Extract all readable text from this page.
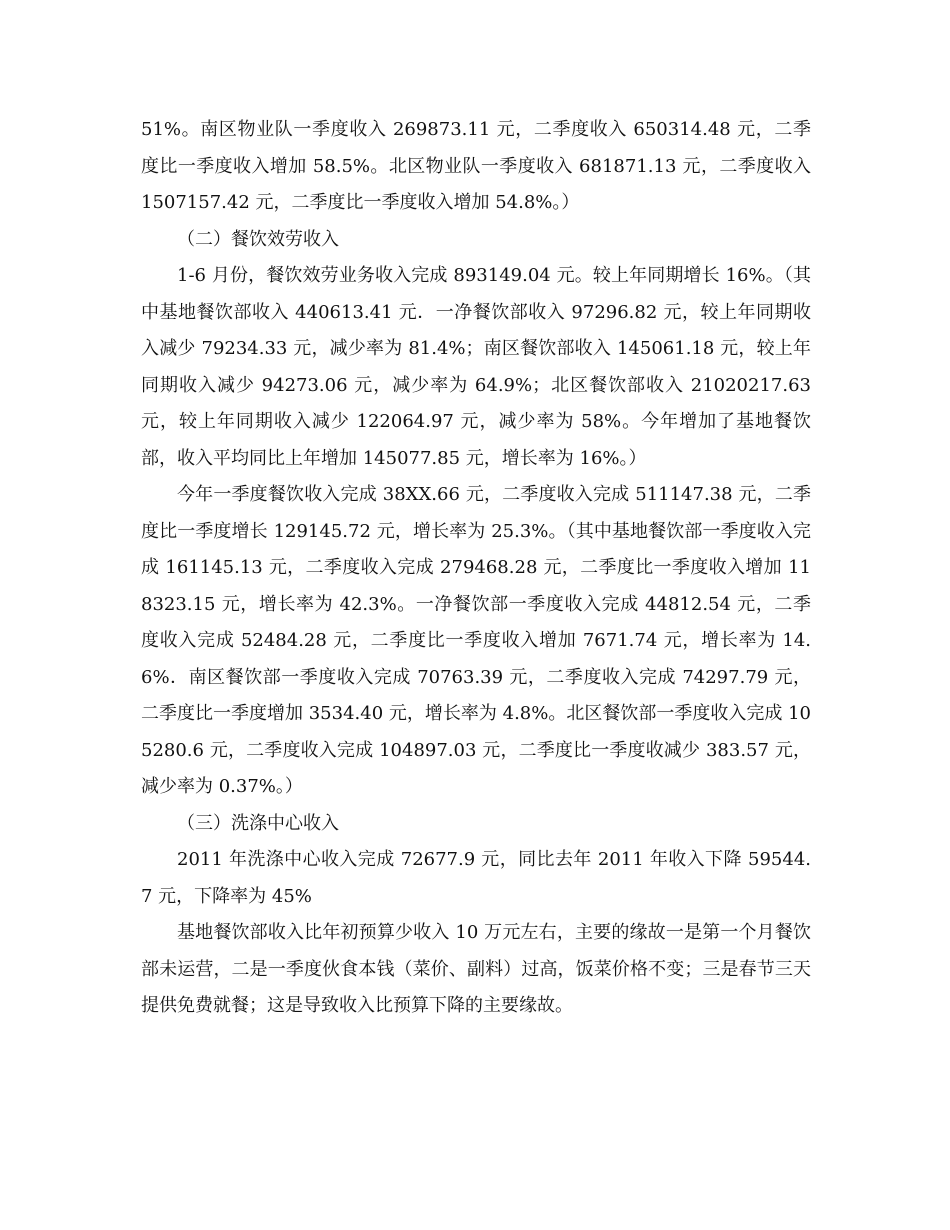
51%。南区物业队一季度收入 269873.11 元，二季度收入 650314.48 元，二季度比一季度收入增加 58.5%。北区物业队一季度收入 681871.13 元，二季度收入 1507157.42 元，二季度比一季度收入增加 54.8%。）

（二）餐饮效劳收入

1-6 月份，餐饮效劳业务收入完成 893149.04 元。较上年同期增长 16%。（其中基地餐饮部收入 440613.41 元．一净餐饮部收入 97296.82 元，较上年同期收入减少 79234.33 元，减少率为 81.4%；南区餐饮部收入 145061.18 元，较上年同期收入减少 94273.06 元，减少率为 64.9%；北区餐饮部收入 21020217.63 元，较上年同期收入减少 122064.97 元，减少率为 58%。今年增加了基地餐饮部，收入平均同比上年增加 145077.85 元，增长率为 16%。）

今年一季度餐饮收入完成 38XX.66 元，二季度收入完成 511147.38 元，二季度比一季度增长 129145.72 元，增长率为 25.3%。（其中基地餐饮部一季度收入完成 161145.13 元，二季度收入完成 279468.28 元，二季度比一季度收入增加 118323.15 元，增长率为 42.3%。一净餐饮部一季度收入完成 44812.54 元，二季度收入完成 52484.28 元，二季度比一季度收入增加 7671.74 元，增长率为 14.6%．南区餐饮部一季度收入完成 70763.39 元，二季度收入完成 74297.79 元，二季度比一季度增加 3534.40 元，增长率为 4.8%。北区餐饮部一季度收入完成 105280.6 元，二季度收入完成 104897.03 元，二季度比一季度收减少 383.57 元，减少率为 0.37%。）

（三）洗涤中心收入

2011 年洗涤中心收入完成 72677.9 元，同比去年 2011 年收入下降 59544.7 元，下降率为 45%

基地餐饮部收入比年初预算少收入 10 万元左右，主要的缘故一是第一个月餐饮部未运营，二是一季度伙食本钱（菜价、副料）过高，饭菜价格不变；三是春节三天提供免费就餐；这是导致收入比预算下降的主要缘故。
